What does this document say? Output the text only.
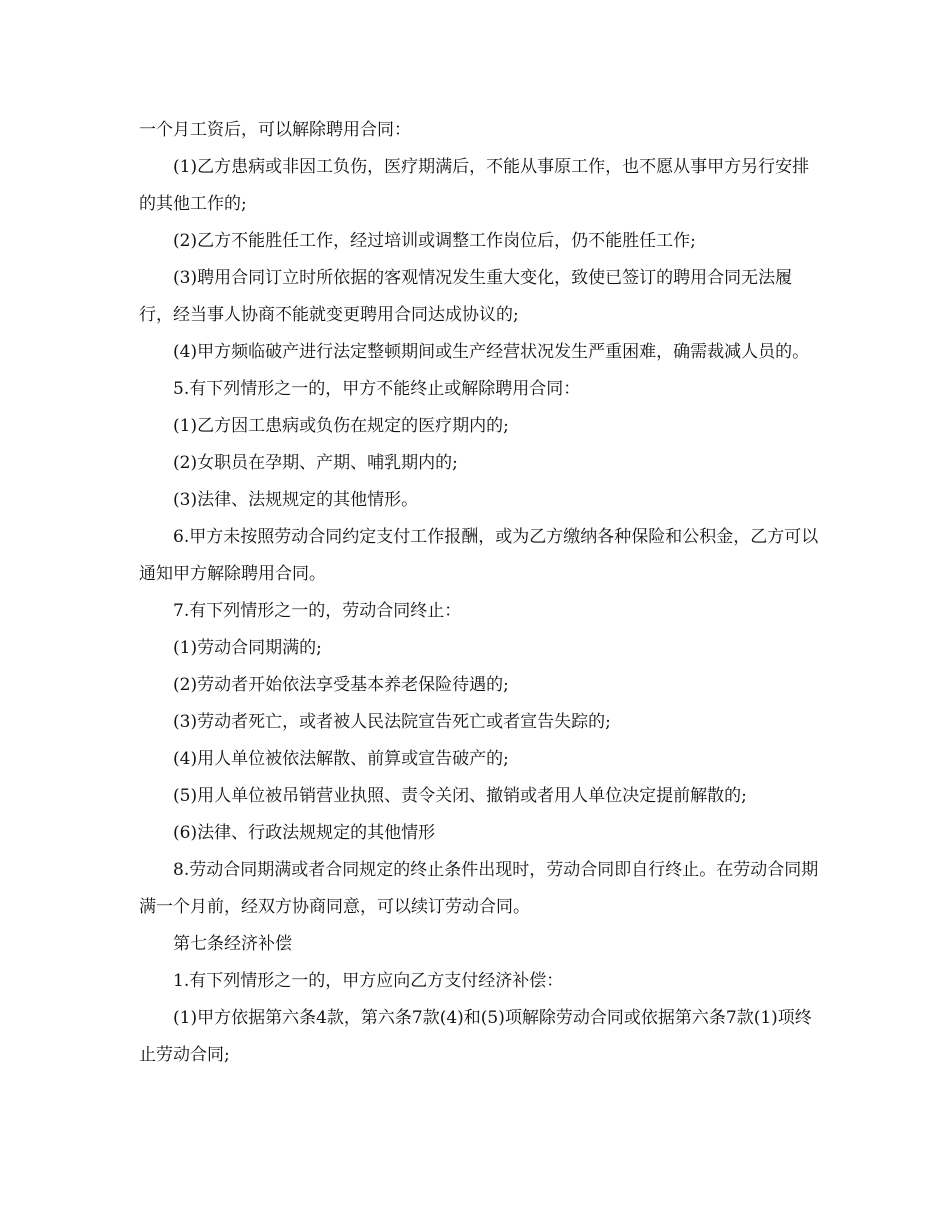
一个月工资后，可以解除聘用合同：

(1)乙方患病或非因工负伤，医疗期满后，不能从事原工作，也不愿从事甲方另行安排的其他工作的;

(2)乙方不能胜任工作，经过培训或调整工作岗位后，仍不能胜任工作;

(3)聘用合同订立时所依据的客观情况发生重大变化，致使已签订的聘用合同无法履行，经当事人协商不能就变更聘用合同达成协议的;

(4)甲方频临破产进行法定整顿期间或生产经营状况发生严重困难，确需裁减人员的。

5.有下列情形之一的，甲方不能终止或解除聘用合同：

(1)乙方因工患病或负伤在规定的医疗期内的;

(2)女职员在孕期、产期、哺乳期内的;

(3)法律、法规规定的其他情形。

6.甲方未按照劳动合同约定支付工作报酬，或为乙方缴纳各种保险和公积金，乙方可以通知甲方解除聘用合同。

7.有下列情形之一的，劳动合同终止：

(1)劳动合同期满的;

(2)劳动者开始依法享受基本养老保险待遇的;

(3)劳动者死亡，或者被人民法院宣告死亡或者宣告失踪的;

(4)用人单位被依法解散、前算或宣告破产的;

(5)用人单位被吊销营业执照、责令关闭、撤销或者用人单位决定提前解散的;

(6)法律、行政法规规定的其他情形

8.劳动合同期满或者合同规定的终止条件出现时，劳动合同即自行终止。在劳动合同期满一个月前，经双方协商同意，可以续订劳动合同。

第七条经济补偿

1.有下列情形之一的，甲方应向乙方支付经济补偿：

(1)甲方依据第六条4款，第六条7款(4)和(5)项解除劳动合同或依据第六条7款(1)项终止劳动合同;
